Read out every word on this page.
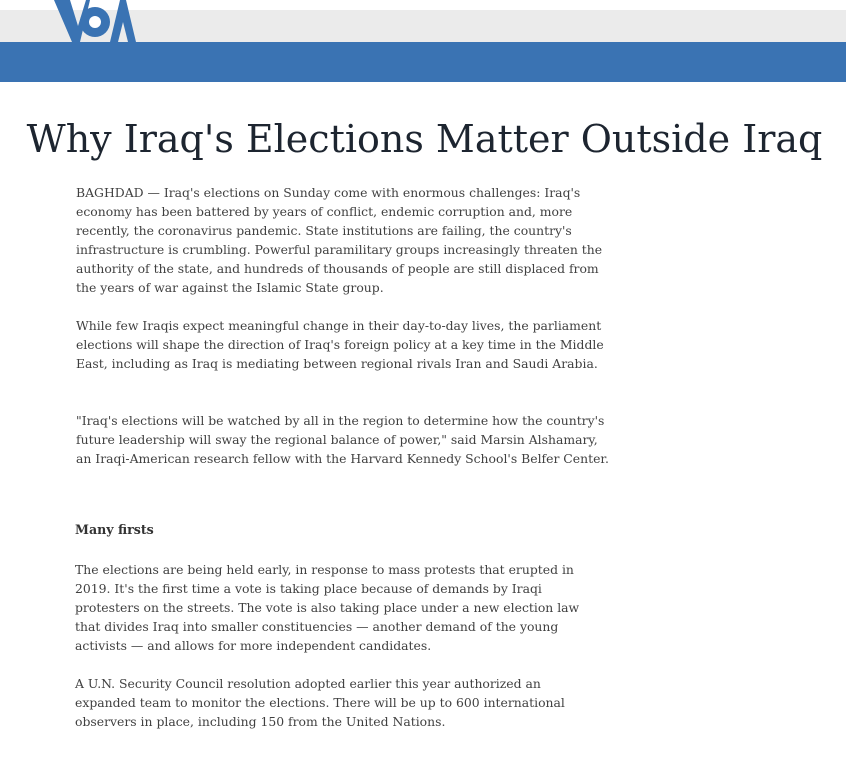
Why Iraq's Elections Matter Outside Iraq

BAGHDAD — Iraq's elections on Sunday come with enormous challenges: Iraq's economy has been battered by years of conflict, endemic corruption and, more recently, the coronavirus pandemic. State institutions are failing, the country's infrastructure is crumbling. Powerful paramilitary groups increasingly threaten the authority of the state, and hundreds of thousands of people are still displaced from the years of war against the Islamic State group.

While few Iraqis expect meaningful change in their day-to-day lives, the parliament elections will shape the direction of Iraq's foreign policy at a key time in the Middle East, including as Iraq is mediating between regional rivals Iran and Saudi Arabia.

"Iraq's elections will be watched by all in the region to determine how the country's future leadership will sway the regional balance of power," said Marsin Alshamary, an Iraqi-American research fellow with the Harvard Kennedy School's Belfer Center.

Many firsts

The elections are being held early, in response to mass protests that erupted in 2019. It's the first time a vote is taking place because of demands by Iraqi protesters on the streets. The vote is also taking place under a new election law that divides Iraq into smaller constituencies — another demand of the young activists — and allows for more independent candidates.

A U.N. Security Council resolution adopted earlier this year authorized an expanded team to monitor the elections. There will be up to 600 international observers in place, including 150 from the United Nations.
